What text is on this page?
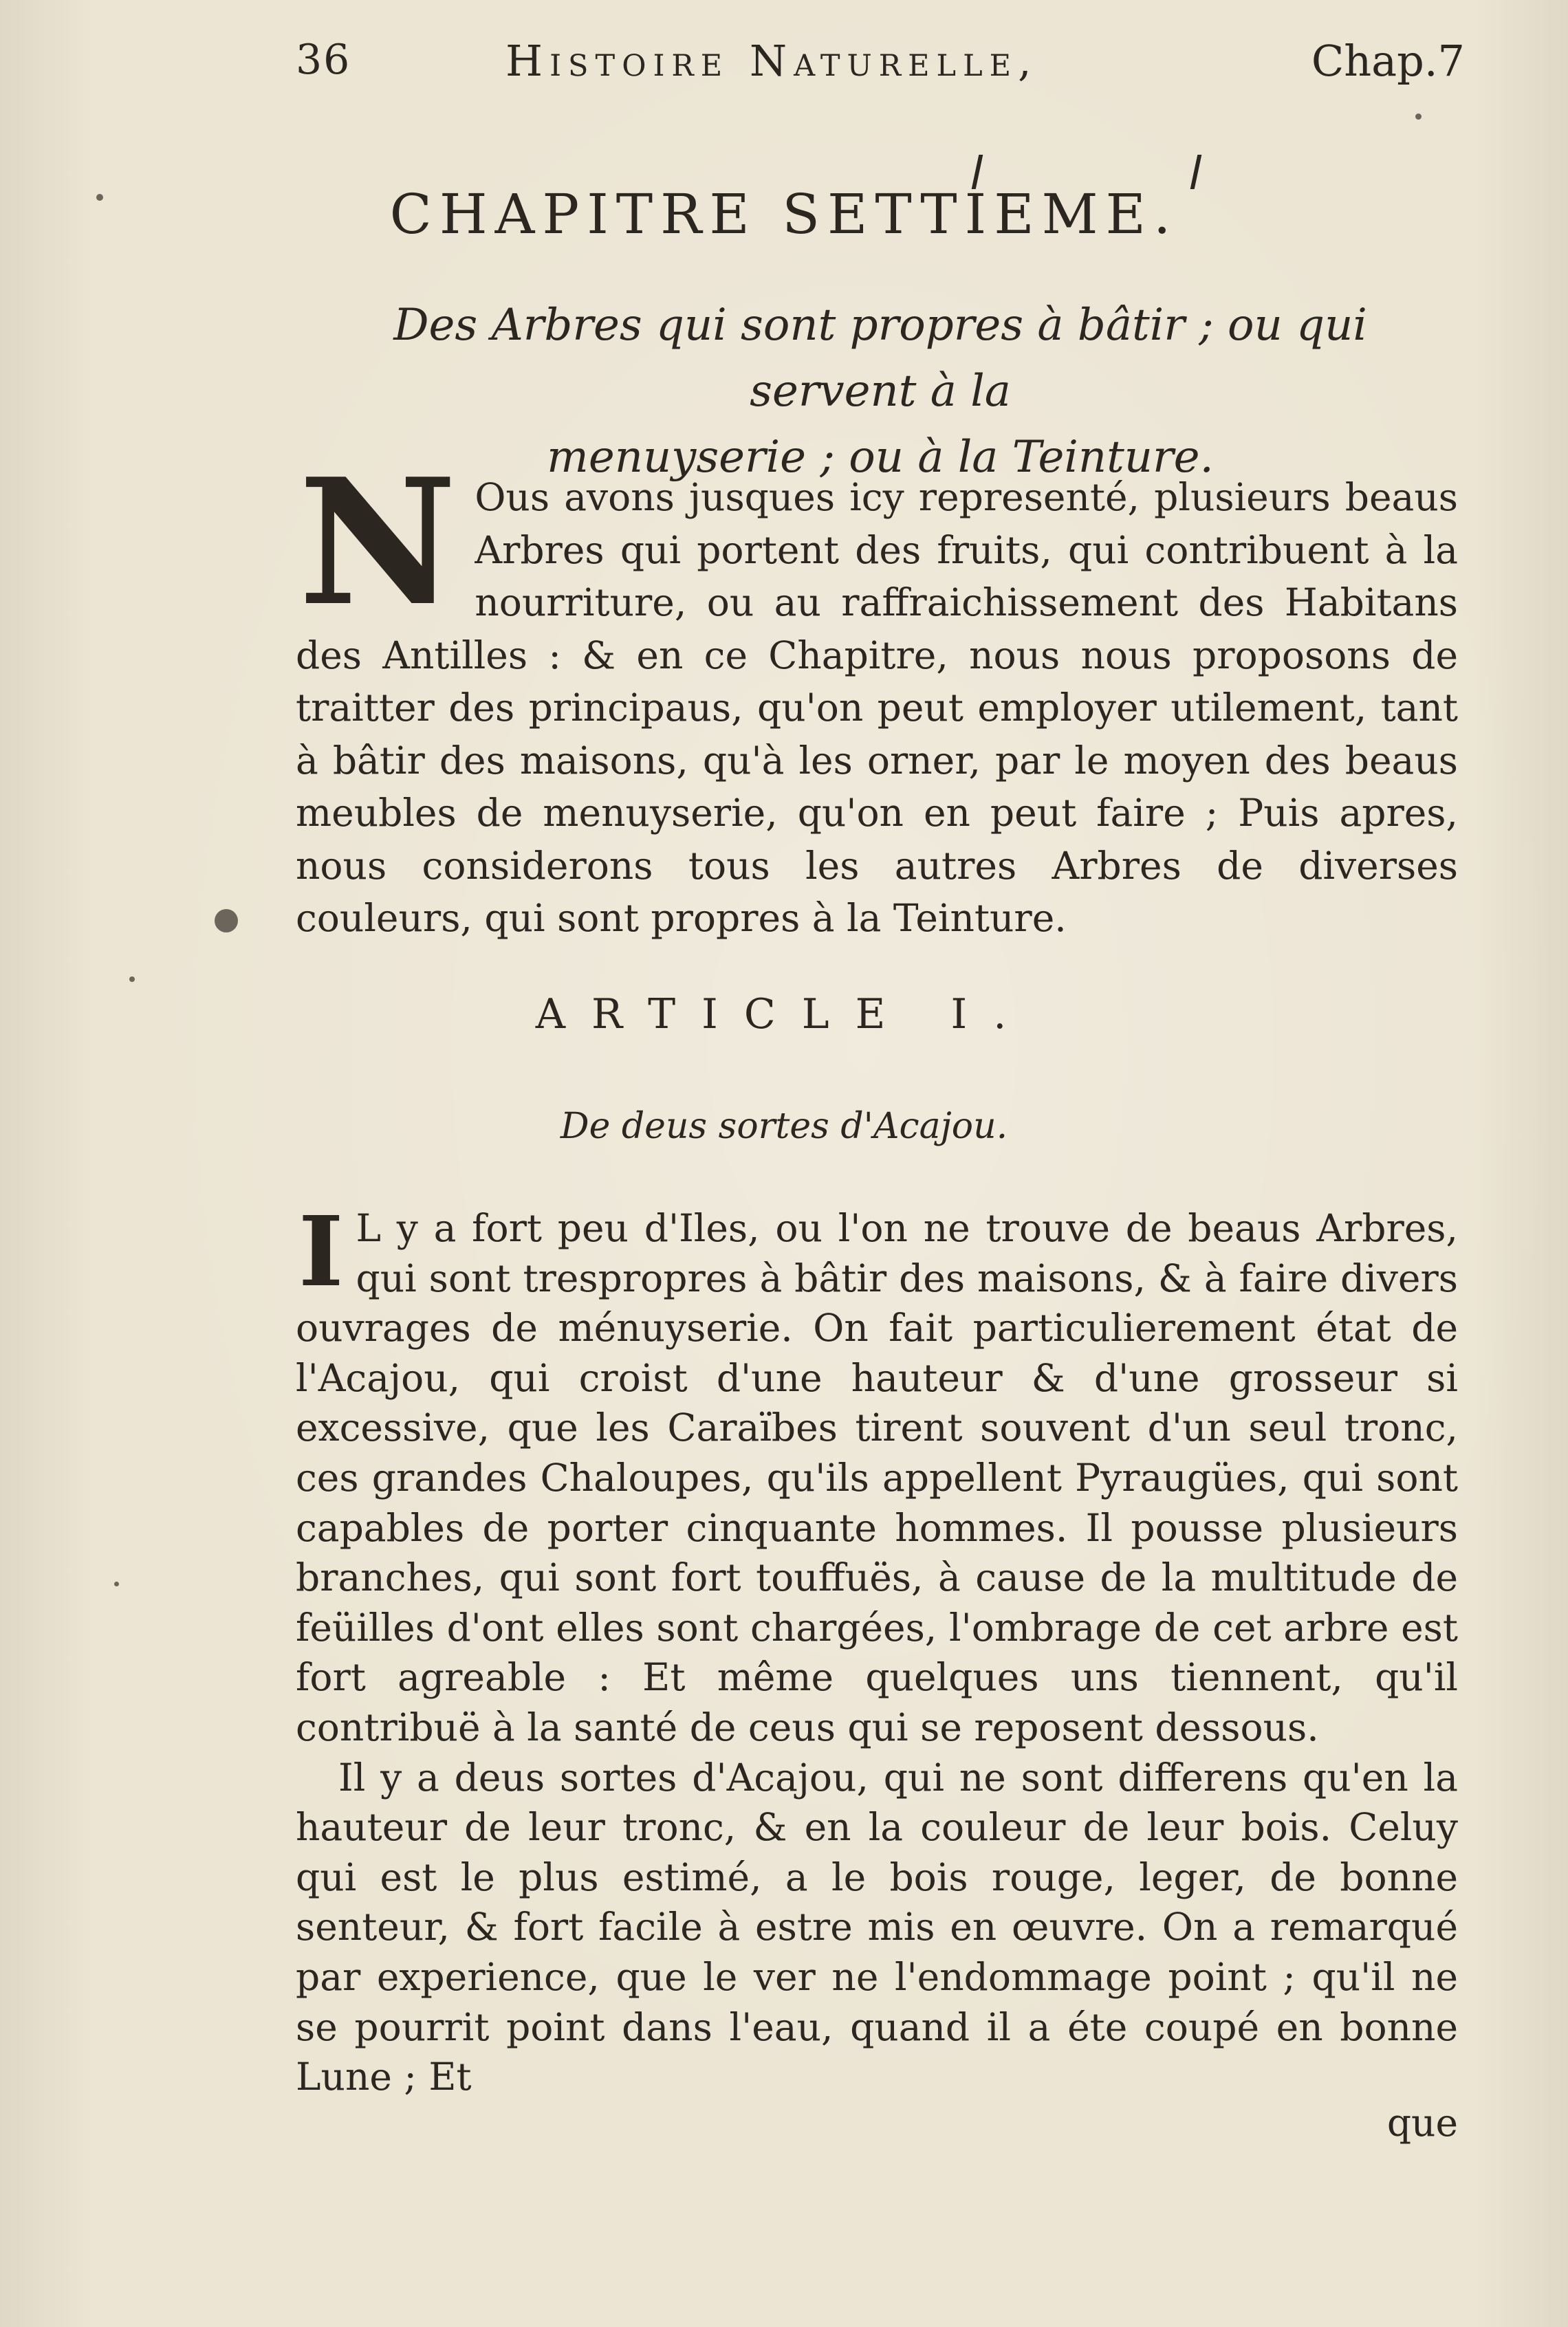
36	Histoire Naturelle,	Chap.7
CHAPITRE SETTIEME.
Des Arbres qui sont propres à bâtir ; ou qui servent à la
menuyserie ; ou à la Teinture.
N Ous avons jusques icy representé, plusieurs beaus Arbres qui portent des fruits, qui contribuent à la nourriture, ou au raffraichissement des Habitans des Antilles : & en ce Chapitre, nous nous proposons de traitter des principaus, qu'on peut employer utilement, tant à bâtir des maisons, qu'à les orner, par le moyen des beaus meubles de menuyserie, qu'on en peut faire ; Puis apres, nous considerons tous les autres Arbres de diverses couleurs, qui sont propres à la Teinture.
ARTICLE I.
De deus sortes d'Acajou.

I L y a fort peu d'Iles, ou l'on ne trouve de beaus Arbres, qui sont trespropres à bâtir des maisons, & à faire divers ouvrages de ménuyserie. On fait particulierement état de l'Acajou, qui croist d'une hauteur & d'une grosseur si excessive, que les Caraïbes tirent souvent d'un seul tronc, ces grandes Chaloupes, qu'ils appellent Pyraugües, qui sont capables de porter cinquante hommes. Il pousse plusieurs branches, qui sont fort touffuës, à cause de la multitude de feüilles d'ont elles sont chargées, l'ombrage de cet arbre est fort agreable : Et même quelques uns tiennent, qu'il contribuë à la santé de ceus qui se reposent dessous.

Il y a deus sortes d'Acajou, qui ne sont differens qu'en la hauteur de leur tronc, & en la couleur de leur bois. Celuy qui est le plus estimé, a le bois rouge, leger, de bonne senteur, & fort facile à estre mis en œuvre. On a remarqué par experience, que le ver ne l'endommage point ; qu'il ne se pourrit point dans l'eau, quand il a éte coupé en bonne Lune ; Et

que
